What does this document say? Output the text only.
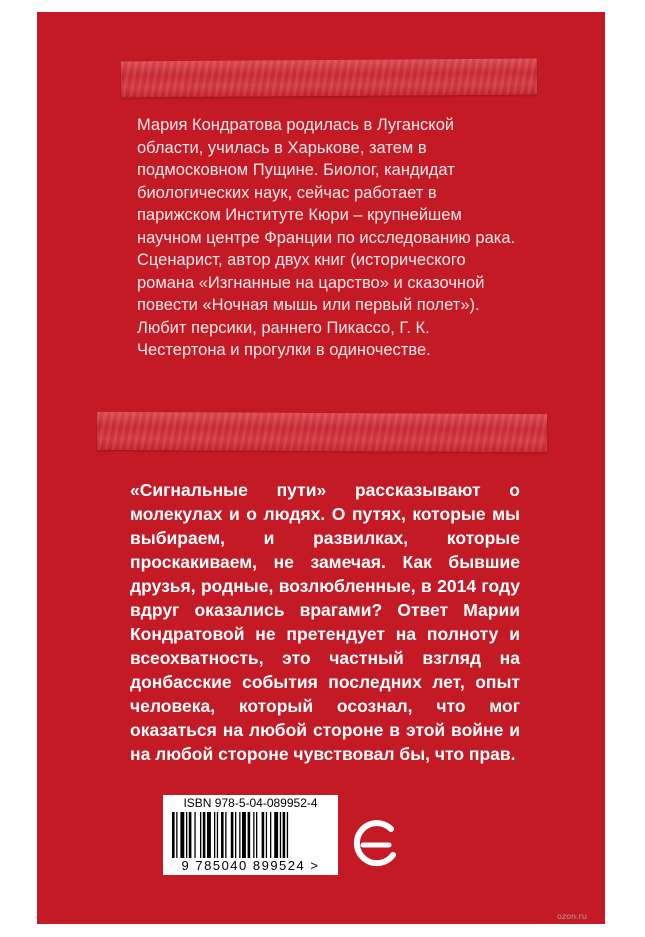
Мария Кондратова родилась в Луганской области, училась в Харькове, затем в подмосковном Пущине. Биолог, кандидат биологических наук, сейчас работает в парижском Институте Кюри – крупнейшем научном центре Франции по исследованию рака. Сценарист, автор двух книг (исторического романа «Изгнанные на царство» и сказочной повести «Ночная мышь или первый полет»). Любит персики, раннего Пикассо, Г. К. Честертона и прогулки в одиночестве.

«Сигнальные пути» рассказывают о молекулах и о людях. О путях, которые мы выбираем, и развилках, которые проскакиваем, не замечая. Как бывшие друзья, родные, возлюбленные, в 2014 году вдруг оказались врагами? Ответ Марии Кондратовой не претендует на полноту и всеохватность, это частный взгляд на донбасские события последних лет, опыт человека, который осознал, что мог оказаться на любой стороне в этой войне и на любой стороне чувствовал бы, что прав.

ISBN 978-5-04-089952-4
9 785040 899524 >
ozon.ru
